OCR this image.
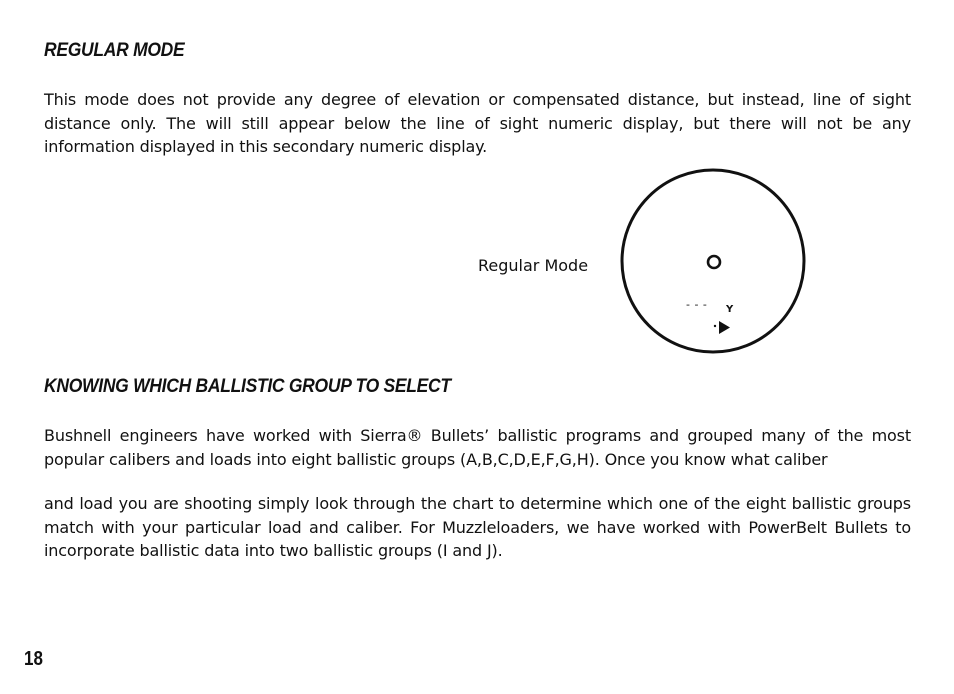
REGULAR MODE

This mode does not provide any degree of elevation or compensated distance, but instead, line of sight distance only. The will still appear below the line of sight numeric display, but there will not be any information displayed in this secondary numeric display.

Regular Mode
- - - Y
KNOWING WHICH BALLISTIC GROUP TO SELECT

Bushnell engineers have worked with Sierra® Bullets’ ballistic programs and grouped many of the most popular calibers and loads into eight ballistic groups (A,B,C,D,E,F,G,H). Once you know what caliber

and load you are shooting simply look through the chart to determine which one of the eight ballistic groups match with your particular load and caliber. For Muzzleloaders, we have worked with PowerBelt Bullets to incorporate ballistic data into two ballistic groups (I and J).

18
